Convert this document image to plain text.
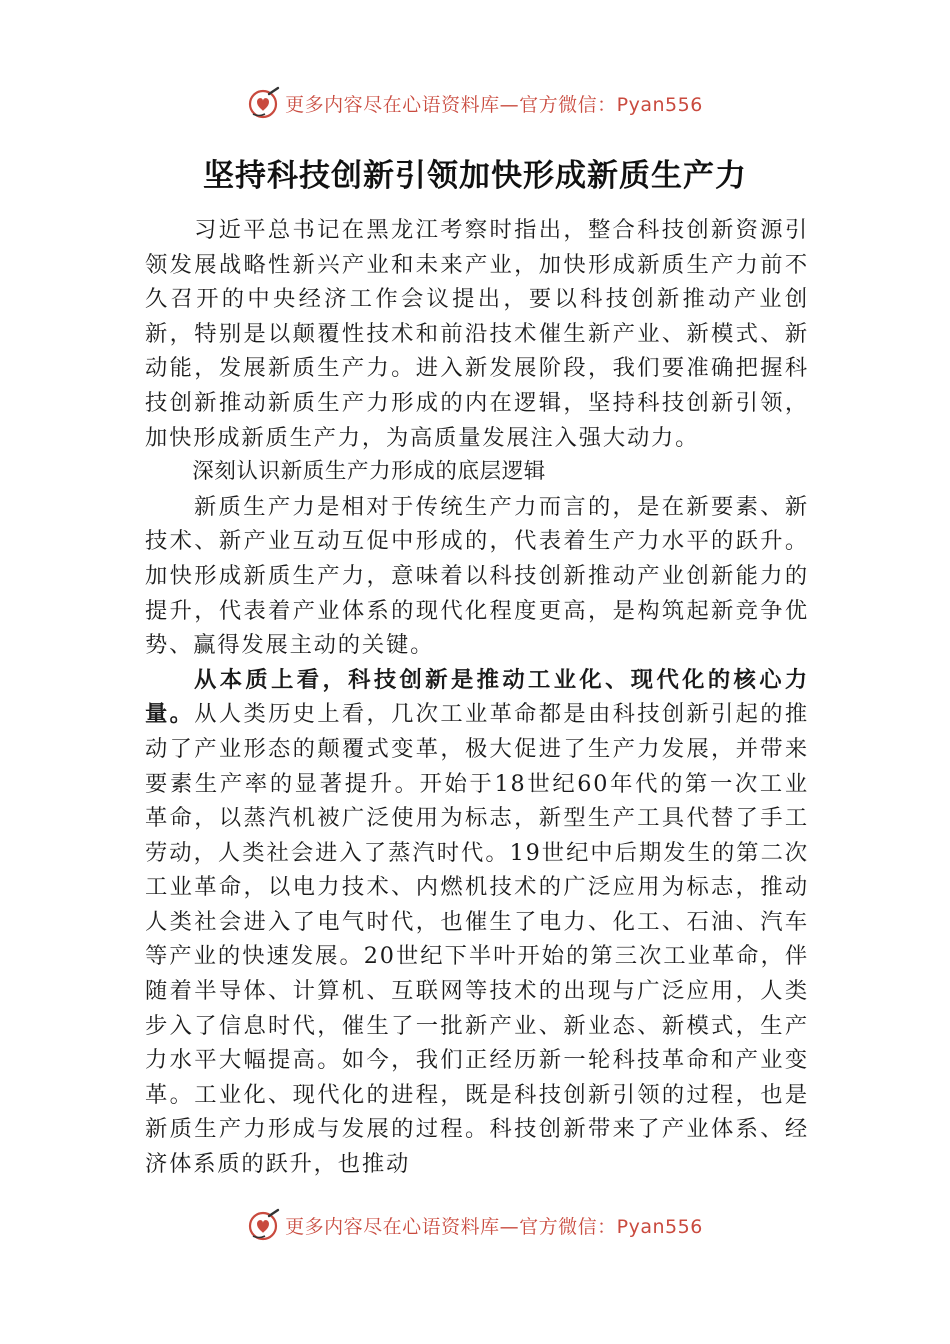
更多内容尽在心语资料库—官方微信：Pyan556
坚持科技创新引领加快形成新质生产力

习近平总书记在黑龙江考察时指出，整合科技创新资源引领发展战略性新兴产业和未来产业，加快形成新质生产力前不久召开的中央经济工作会议提出，要以科技创新推动产业创新，特别是以颠覆性技术和前沿技术催生新产业、新模式、新动能，发展新质生产力。进入新发展阶段，我们要准确把握科技创新推动新质生产力形成的内在逻辑，坚持科技创新引领，加快形成新质生产力，为高质量发展注入强大动力。

深刻认识新质生产力形成的底层逻辑

新质生产力是相对于传统生产力而言的，是在新要素、新技术、新产业互动互促中形成的，代表着生产力水平的跃升。加快形成新质生产力，意味着以科技创新推动产业创新能力的提升，代表着产业体系的现代化程度更高，是构筑起新竞争优势、赢得发展主动的关键。

从本质上看，科技创新是推动工业化、现代化的核心力量。从人类历史上看，几次工业革命都是由科技创新引起的推动了产业形态的颠覆式变革，极大促进了生产力发展，并带来要素生产率的显著提升。开始于18世纪60年代的第一次工业革命，以蒸汽机被广泛使用为标志，新型生产工具代替了手工劳动，人类社会进入了蒸汽时代。19世纪中后期发生的第二次工业革命，以电力技术、内燃机技术的广泛应用为标志，推动人类社会进入了电气时代，也催生了电力、化工、石油、汽车等产业的快速发展。20世纪下半叶开始的第三次工业革命，伴随着半导体、计算机、互联网等技术的出现与广泛应用，人类步入了信息时代，催生了一批新产业、新业态、新模式，生产力水平大幅提高。如今，我们正经历新一轮科技革命和产业变革。工业化、现代化的进程，既是科技创新引领的过程，也是新质生产力形成与发展的过程。科技创新带来了产业体系、经济体系质的跃升，也推动

更多内容尽在心语资料库—官方微信：Pyan556
